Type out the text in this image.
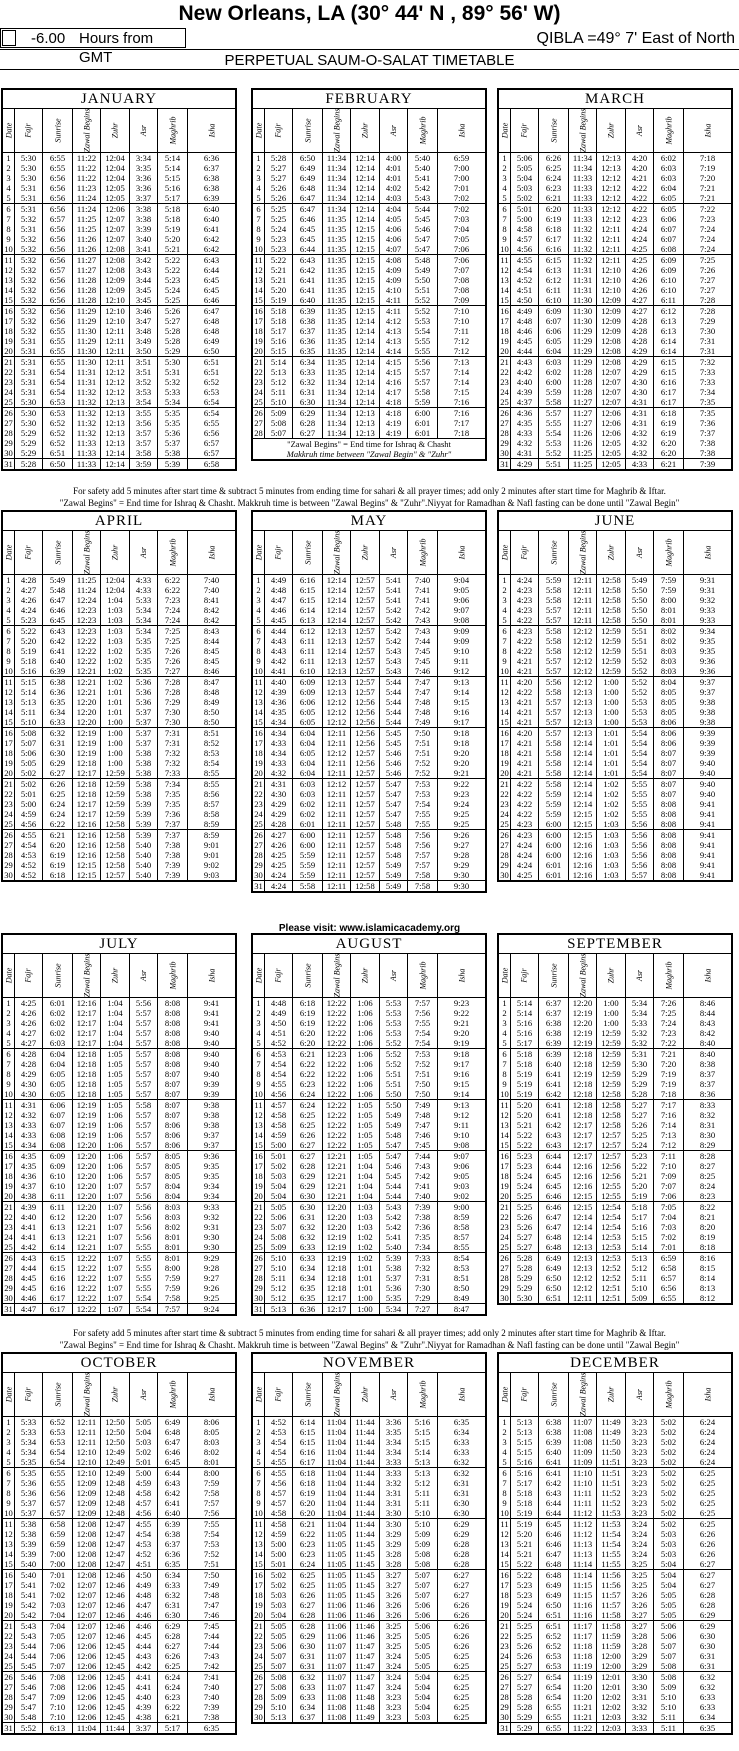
New Orleans, LA (30° 44' N , 89° 56' W)
-6.00 Hours from GMT
QIBLA =49° 7' East of North
PERPETUAL SAUM-O-SALAT TIMETABLE
JANUARY
Date Fajr	Sunrise	Zawal Begins Zuhr Asr	Maghrib	Isha
1	5:30	6:55	11:22	12:04	3:34	5:14	6:36
2	5:30	6:55	11:22	12:04	3:35	5:14	6:37
3	5:30	6:56	11:22	12:04	3:36	5:15	6:38
4	5:31	6:56	11:23	12:05	3:36	5:16	6:38
5	5:31	6:56	11:24	12:05	3:37	5:17	6:39
6	5:31	6:56	11:24	12:06	3:38	5:18	6:40
7	5:32	6:57	11:25	12:07	3:38	5:18	6:40
8	5:31	6:56	11:25	12:07	3:39	5:19	6:41
9	5:32	6:56	11:26	12:07	3:40	5:20	6:42
10 5:32	6:56	11:26	12:08	3:41	5:21	6:42
11 5:32	6:56	11:27	12:08	3:42	5:22	6:43
12 5:32	6:57	11:27	12:08	3:43	5:22	6:44
13 5:32	6:56	11:28	12:09	3:44	5:23	6:45
14 5:32	6:56	11:28	12:09	3:45	5:24	6:45
15 5:32	6:56	11:28	12:10	3:45	5:25	6:46
16 5:32	6:56	11:29	12:10	3:46	5:26	6:47
17 5:32	6:56	11:29	12:10	3:47	5:27	6:48
18 5:32	6:55	11:30	12:11	3:48	5:28	6:48
19 5:31	6:55	11:29	12:11	3:49	5:28	6:49
20 5:31	6:55	11:30	12:11	3:50	5:29	6:50
21 5:31	6:55	11:30	12:11	3:51	5:30	6:51
22 5:31	6:54	11:31	12:12	3:51	5:31	6:51
23 5:31	6:54	11:31	12:12	3:52	5:32	6:52
24 5:31	6:54	11:32	12:12	3:53	5:33	6:53
25 5:30	6:53	11:32	12:13	3:54	5:34	6:54
26 5:30	6:53	11:32	12:13	3:55	5:35	6:54
27 5:30	6:52	11:32	12:13	3:56	5:35	6:55
28 5:29	6:52	11:32	12:13	3:57	5:36	6:56
29 5:29	6:52	11:33	12:13	3:57	5:37	6:57
30 5:29	6:51	11:33	12:14	3:58	5:38	6:57
31 5:28	6:50	11:33	12:14	3:59	5:39	6:58
FEBRUARY
Date Fajr	Sunrise	Zawal Begins Zuhr Asr	Maghrib	Isha
1	5:28	6:50	11:34	12:14	4:00	5:40	6:59
2	5:27	6:49	11:34	12:14	4:01	5:40	7:00
3	5:27	6:49	11:34	12:14	4:01	5:41	7:00
4	5:26	6:48	11:34	12:14	4:02	5:42	7:01
5	5:26	6:47	11:34	12:14	4:03	5:43	7:02
6	5:25	6:47	11:34	12:14	4:04	5:44	7:02
7	5:25	6:46	11:35	12:14	4:05	5:45	7:03
8	5:24	6:45	11:35	12:15	4:06	5:46	7:04
9	5:23	6:45	11:35	12:15	4:06	5:47	7:05
10 5:23	6:44	11:35	12:15	4:07	5:47	7:06
11 5:22	6:43	11:35	12:15	4:08	5:48	7:06
12 5:21	6:42	11:35	12:15	4:09	5:49	7:07
13 5:21	6:41	11:35	12:15	4:09	5:50	7:08
14 5:20	6:41	11:35	12:15	4:10	5:51	7:08
15 5:19	6:40	11:35	12:15	4:11	5:52	7:09
16 5:18	6:39	11:35	12:15	4:11	5:52	7:10
17 5:18	6:38	11:35	12:14	4:12	5:53	7:10
18 5:17	6:37	11:35	12:14	4:13	5:54	7:11
19 5:16	6:36	11:35	12:14	4:13	5:55	7:12
20 5:15	6:35	11:35	12:14	4:14	5:55	7:12
21 5:14	6:34	11:35	12:14	4:15	5:56	7:13
22 5:13	6:33	11:35	12:14	4:15	5:57	7:14
23 5:12	6:32	11:34	12:14	4:16	5:57	7:14
24 5:11	6:31	11:34	12:14	4:17	5:58	7:15
25 5:10	6:30	11:34	12:14	4:18	5:59	7:16
26 5:09	6:29	11:34	12:13	4:18	6:00	7:16
27 5:08	6:28	11:34	12:13	4:19	6:01	7:17
28 5:07	6:27	11:34	12:13	4:19	6:01	7:18
"Zawal Begins" = End time for Ishraq & Chasht
Makkruh time between "Zawal Begin" & "Zuhr"
MARCH
Date Fajr	Sunrise	Zawal Begins Zuhr Asr	Maghrib	Isha
1	5:06	6:26	11:34	12:13	4:20	6:02	7:18
2	5:05	6:25	11:34	12:13	4:20	6:03	7:19
3	5:04	6:24	11:33	12:12	4:21	6:03	7:20
4	5:03	6:23	11:33	12:12	4:22	6:04	7:21
5	5:02	6:21	11:33	12:12	4:22	6:05	7:21
6	5:01	6:20	11:33	12:12	4:22	6:05	7:22
7	5:00	6:19	11:33	12:12	4:23	6:06	7:23
8	4:58	6:18	11:32	12:11	4:24	6:07	7:24
9	4:57	6:17	11:32	12:11	4:24	6:07	7:24
10 4:56	6:16	11:32	12:11	4:25	6:08	7:24
11 4:55	6:15	11:32	12:11	4:25	6:09	7:25
12 4:54	6:13	11:31	12:10	4:26	6:09	7:26
13 4:52	6:12	11:31	12:10	4:26	6:10	7:27
14 4:51	6:11	11:31	12:10	4:26	6:10	7:27
15 4:50	6:10	11:30	12:09	4:27	6:11	7:28
16 4:49	6:09	11:30	12:09	4:27	6:12	7:28
17 4:48	6:07	11:30	12:09	4:28	6:13	7:29
18 4:46	6:06	11:29	12:09	4:28	6:13	7:30
19 4:45	6:05	11:29	12:08	4:28	6:14	7:31
20 4:44	6:04	11:29	12:08	4:29	6:14	7:31
21 4:43	6:03	11:29	12:08	4:29	6:15	7:32
22 4:42	6:02	11:28	12:07	4:29	6:15	7:33
23 4:40	6:00	11:28	12:07	4:30	6:16	7:33
24 4:39	5:59	11:28	12:07	4:30	6:17	7:34
25 4:37	5:58	11:27	12:07	4:31	6:17	7:35
26 4:36	5:57	11:27	12:06	4:31	6:18	7:35
27 4:35	5:55	11:27	12:06	4:31	6:19	7:36
28 4:33	5:54	11:26	12:06	4:32	6:19	7:37
29 4:32	5:53	11:26	12:05	4:32	6:20	7:38
30 4:31	5:52	11:25	12:05	4:32	6:20	7:38
31 4:29	5:51	11:25	12:05	4:33	6:21	7:39
APRIL
Date Fajr	Sunrise	Zawal Begins Zuhr Asr	Maghrib	Isha
1	4:28	5:49	11:25	12:04	4:33	6:22	7:40
2	4:27	5:48	11:24	12:04	4:33	6:22	7:40
3	4:26	6:47	12:24	1:04	5:33	7:23	8:41
4	4:24	6:46	12:23	1:03	5:34	7:24	8:42
5	5:23	6:45	12:23	1:03	5:34	7:24	8:42
6	5:22	6:43	12:23	1:03	5:34	7:25	8:43
7	5:20	6:42	12:22	1:03	5:35	7:25	8:44
8	5:19	6:41	12:22	1:02	5:35	7:26	8:45
9	5:18	6:40	12:22	1:02	5:35	7:26	8:45
10 5:16	6:39	12:21	1:02	5:35	7:27	8:46
11 5:15	6:38	12:21	1:02	5:36	7:28	8:47
12 5:14	6:36	12:21	1:01	5:36	7:28	8:48
13 5:13	6:35	12:20	1:01	5:36	7:29	8:49
14 5:11	6:34	12:20	1:01	5:37	7:30	8:50
15 5:10	6:33	12:20	1:00	5:37	7:30	8:50
16 5:08	6:32	12:19	1:00	5:37	7:31	8:51
17 5:07	6:31	12:19	1:00	5:37	7:31	8:52
18 5:06	6:30	12:19	1:00	5:38	7:32	8:53
19 5:05	6:29	12:18	1:00	5:38	7:32	8:54
20 5:02	6:27	12:17	12:59	5:38	7:33	8:55
21 5:02	6:26	12:18	12:59	5:38	7:34	8:55
22 5:01	6:25	12:18	12:59	5:38	7:35	8:56
23 5:00	6:24	12:17	12:59	5:39	7:35	8:57
24 4:59	6:24	12:17	12:59	5:39	7:36	8:58
25 4:56	6:22	12:16	12:58	5:39	7:37	8:59
26 4:55	6:21	12:16	12:58	5:39	7:37	8:59
27 4:54	6:20	12:16	12:58	5:40	7:38	9:01
28 4:53	6:19	12:16	12:58	5:40	7:38	9:01
29 4:52	6:19	12:15	12:58	5:40	7:39	9:02
30 4:52	6:18	12:15	12:57	5:40	7:39	9:03
MAY
Date Fajr	Sunrise	Zawal Begins Zuhr Asr	Maghrib	Isha
1	4:49	6:16	12:14	12:57	5:41	7:40	9:04
2	4:48	6:15	12:14	12:57	5:41	7:41	9:05
3	4:47	6:15	12:14	12:57	5:41	7:41	9:06
4	4:46	6:14	12:14	12:57	5:42	7:42	9:07
5	4:45	6:13	12:14	12:57	5:42	7:43	9:08
6	4:44	6:12	12:13	12:57	5:42	7:43	9:09
7	4:43	6:11	12:13	12:57	5:42	7:44	9:09
8	4:43	6:11	12:14	12:57	5:43	7:45	9:10
9	4:42	6:11	12:13	12:57	5:43	7:45	9:11
10 4:41	6:10	12:13	12:57	5:43	7:46	9:12
11 4:40	6:09	12:13	12:57	5:44	7:47	9:13
12 4:39	6:09	12:13	12:57	5:44	7:47	9:14
13 4:36	6:06	12:12	12:56	5:44	7:48	9:15
14 4:35	6:05	12:12	12:56	5:44	7:48	9:16
15 4:34	6:05	12:12	12:56	5:44	7:49	9:17
16 4:34	6:04	12:11	12:56	5:45	7:50	9:18
17 4:33	6:04	12:11	12:56	5:45	7:51	9:18
18 4:34	6:05	12:12	12:57	5:46	7:51	9:20
19 4:33	6:04	12:11	12:56	5:46	7:52	9:20
20 4:32	6:04	12:11	12:57	5:46	7:52	9:21
21 4:31	6:03	12:12	12:57	5:47	7:53	9:22
22 4:30	6:03	12:11	12:57	5:47	7:53	9:23
23 4:29	6:02	12:11	12:57	5:47	7:54	9:24
24 4:29	6:02	12:11	12:57	5:47	7:55	9:25
25 4:28	6:01	12:11	12:57	5:48	7:55	9:25
26 4:27	6:00	12:11	12:57	5:48	7:56	9:26
27 4:26	6:00	12:11	12:57	5:48	7:56	9:27
28 4:25	5:59	12:11	12:57	5:48	7:57	9:28
29 4:25	5:59	12:11	12:57	5:49	7:57	9:29
30 4:24	5:59	12:11	12:57	5:49	7:58	9:30
31 4:24	5:58	12:11	12:58	5:49	7:58	9:30
JUNE
Date Fajr	Sunrise	Zawal Begins Zuhr Asr	Maghrib	Isha
1	4:24	5:59	12:11	12:58	5:49	7:59	9:31
2	4:23	5:58	12:11	12:58	5:50	7:59	9:31
3	4:23	5:58	12:11	12:58	5:50	8:00	9:32
4	4:23	5:57	12:11	12:58	5:50	8:01	9:33
5	4:22	5:57	12:11	12:58	5:50	8:01	9:33
6	4:23	5:58	12:12	12:59	5:51	8:02	9:34
7	4:22	5:58	12:12	12:59	5:51	8:02	9:35
8	4:22	5:58	12:12	12:59	5:51	8:03	9:35
9	4:21	5:57	12:12	12:59	5:52	8:03	9:36
10 4:21	5:57	12:12	12:59	5:52	8:03	9:36
11 4:20	5:56	12:12	1:00	5:52	8:04	9:37
12 4:22	5:58	12:13	1:00	5:52	8:05	9:37
13 4:21	5:57	12:13	1:00	5:53	8:05	9:38
14 4:21	5:57	12:13	1:00	5:53	8:05	9:38
15 4:21	5:57	12:13	1:00	5:53	8:06	9:38
16 4:20	5:57	12:13	1:01	5:54	8:06	9:39
17 4:21	5:58	12:14	1:01	5:54	8:06	9:39
18 4:21	5:58	12:14	1:01	5:54	8:07	9:39
19 4:21	5:58	12:14	1:01	5:54	8:07	9:40
20 4:21	5:58	12:14	1:01	5:54	8:07	9:40
21 4:22	5:58	12:14	1:02	5:55	8:07	9:40
22 4:22	5:59	12:14	1:02	5:55	8:07	9:40
23 4:22	5:59	12:14	1:02	5:55	8:08	9:41
24 4:22	5:59	12:15	1:02	5:55	8:08	9:41
25 4:23	6:00	12:15	1:03	5:56	8:08	9:41
26 4:23	6:00	12:15	1:03	5:56	8:08	9:41
27 4:24	6:00	12:16	1:03	5:56	8:08	9:41
28 4:24	6:00	12:16	1:03	5:56	8:08	9:41
29 4:24	6:01	12:16	1:03	5:56	8:08	9:41
30 4:25	6:01	12:16	1:03	5:57	8:08	9:41
JULY
Date Fajr	Sunrise	Zawal Begins Zuhr Asr	Maghrib	Isha
1	4:25	6:01	12:16	1:04	5:56	8:08	9:41
2	4:26	6:02	12:17	1:04	5:57	8:08	9:41
3	4:26	6:02	12:17	1:04	5:57	8:08	9:41
4	4:27	6:02	12:17	1:04	5:57	8:08	9:40
5	4:27	6:03	12:17	1:04	5:57	8:08	9:40
6	4:28	6:04	12:18	1:05	5:57	8:08	9:40
7	4:28	6:04	12:18	1:05	5:57	8:08	9:40
8	4:29	6:05	12:18	1:05	5:57	8:07	9:40
9	4:30	6:05	12:18	1:05	5:57	8:07	9:39
10 4:30	6:05	12:18	1:05	5:57	8:07	9:39
11 4:31	6:06	12:19	1:05	5:58	8:07	9:38
12 4:32	6:07	12:19	1:06	5:57	8:07	9:38
13 4:33	6:07	12:19	1:06	5:57	8:06	9:38
14 4:33	6:08	12:19	1:06	5:57	8:06	9:37
15 4:34	6:08	12:20	1:06	5:57	8:06	9:37
16 4:35	6:09	12:20	1:06	5:57	8:05	9:36
17 4:35	6:09	12:20	1:06	5:57	8:05	9:35
18 4:36	6:10	12:20	1:06	5:57	8:05	9:35
19 4:37	6:10	12:20	1:07	5:57	8:04	9:34
20 4:38	6:11	12:20	1:07	5:56	8:04	9:34
21 4:39	6:11	12:20	1:07	5:56	8:03	9:33
22 4:40	6:12	12:20	1:07	5:56	8:03	9:32
23 4:41	6:13	12:21	1:07	5:56	8:02	9:31
24 4:41	6:13	12:21	1:07	5:56	8:01	9:30
25 4:42	6:14	12:21	1:07	5:55	8:01	9:30
26 4:43	6:15	12:22	1:07	5:55	8:01	9:29
27 4:44	6:15	12:22	1:07	5:55	8:00	9:28
28 4:45	6:16	12:22	1:07	5:55	7:59	9:27
29 4:45	6:16	12:22	1:07	5:55	7:59	9:26
30 4:46	6:17	12:22	1:07	5:54	7:58	9:25
31 4:47	6:17	12:22	1:07	5:54	7:57	9:24
AUGUST
Date Fajr	Sunrise	Zawal Begins Zuhr Asr	Maghrib	Isha
1	4:48	6:18	12:22	1:06	5:53	7:57	9:23
2	4:49	6:19	12:22	1:06	5:53	7:56	9:22
3	4:50	6:19	12:22	1:06	5:53	7:55	9:21
4	4:51	6:20	12:22	1:06	5:53	7:54	9:20
5	4:52	6:20	12:22	1:06	5:52	7:54	9:19
6	4:53	6:21	12:23	1:06	5:52	7:53	9:18
7	4:54	6:22	12:22	1:06	5:52	7:52	9:17
8	4:54	6:22	12:22	1:06	5:51	7:51	9:16
9	4:55	6:23	12:22	1:06	5:51	7:50	9:15
10 4:56	6:24	12:22	1:06	5:50	7:50	9:14
11 4:57	6:24	12:22	1:05	5:50	7:49	9:13
12 4:58	6:25	12:22	1:05	5:49	7:48	9:12
13 4:58	6:25	12:22	1:05	5:49	7:47	9:11
14 4:59	6:26	12:22	1:05	5:48	7:46	9:10
15 5:00	6:27	12:22	1:05	5:47	7:45	9:08
16 5:01	6:27	12:21	1:05	5:47	7:44	9:07
17 5:02	6:28	12:21	1:04	5:46	7:43	9:06
18 5:03	6:29	12:21	1:04	5:45	7:42	9:05
19 5:04	6:29	12:21	1:04	5:44	7:41	9:03
20 5:04	6:30	12:21	1:04	5:44	7:40	9:02
21 5:05	6:30	12:20	1:03	5:43	7:39	9:00
22 5:06	6:31	12:20	1:03	5:42	7:38	8:59
23 5:07	6:32	12:20	1:03	5:42	7:36	8:58
24 5:08	6:32	12:19	1:02	5:41	7:35	8:57
25 5:09	6:33	12:19	1:02	5:40	7:34	8:55
26 5:10	6:33	12:19	1:02	5:39	7:33	8:54
27 5:10	6:34	12:18	1:01	5:38	7:32	8:53
28 5:11	6:34	12:18	1:01	5:37	7:31	8:51
29 5:12	6:35	12:18	1:01	5:36	7:30	8:50
30 5:12	6:35	12:17	1:00	5:35	7:29	8:49
31 5:13	6:36	12:17	1:00	5:34	7:27	8:47
SEPTEMBER
Date Fajr	Sunrise	Zawal Begins Zuhr Asr	Maghrib	Isha
1	5:14	6:37	12:20	1:00	5:34	7:26	8:46
2	5:14	6:37	12:19	1:00	5:34	7:25	8:44
3	5:16	6:38	12:20	1:00	5:33	7:24	8:43
4	5:16	6:38	12:19	12:59	5:32	7:23	8:42
5	5:17	6:39	12:19	12:59	5:32	7:22	8:40
6	5:18	6:39	12:18	12:59	5:31	7:21	8:40
7	5:18	6:40	12:18	12:59	5:30	7:20	8:38
8	5:19	6:41	12:19	12:59	5:29	7:19	8:37
9	5:19	6:41	12:18	12:59	5:29	7:19	8:37
10 5:19	6:42	12:18	12:58	5:28	7:18	8:36
11 5:20	6:41	12:18	12:58	5:27	7:17	8:33
12 5:20	6:41	12:18	12:58	5:27	7:16	8:32
13 5:21	6:42	12:17	12:58	5:26	7:14	8:31
14 5:22	6:43	12:17	12:57	5:25	7:13	8:30
15 5:22	6:43	12:17	12:57	5:24	7:12	8:29
16 5:23	6:44	12:17	12:57	5:23	7:11	8:28
17 5:23	6:44	12:16	12:56	5:22	7:10	8:27
18 5:24	6:45	12:16	12:56	5:21	7:09	8:25
19 5:24	6:45	12:16	12:55	5:20	7:07	8:24
20 5:25	6:46	12:15	12:55	5:19	7:06	8:23
21 5:25	6:46	12:15	12:54	5:18	7:05	8:22
22 5:26	6:47	12:14	12:54	5:17	7:04	8:21
23 5:26	6:47	12:14	12:54	5:16	7:03	8:20
24 5:27	6:48	12:14	12:53	5:15	7:02	8:19
25 5:27	6:48	12:13	12:53	5:14	7:01	8:18
26 5:28	6:49	12:13	12:53	5:13	6:59	8:16
27 5:28	6:49	12:13	12:52	5:12	6:58	8:15
28 5:29	6:50	12:12	12:52	5:11	6:57	8:14
29 5:29	6:50	12:12	12:51	5:10	6:56	8:13
30 5:30	6:51	12:11	12:51	5:09	6:55	8:12
OCTOBER
Date Fajr	Sunrise	Zawal Begins Zuhr Asr	Maghrib	Isha
1	5:33	6:52	12:11	12:50	5:05	6:49	8:06
2	5:33	6:53	12:11	12:50	5:04	6:48	8:05
3	5:34	6:53	12:11	12:50	5:03	6:47	8:03
4	5:34	6:54	12:10	12:49	5:02	6:46	8:02
5	5:35	6:54	12:10	12:49	5:01	6:45	8:01
6	5:35	6:55	12:10	12:49	5:00	6:44	8:00
7	5:36	6:55	12:09	12:48	4:59	6:43	7:59
8	5:36	6:56	12:09	12:48	4:58	6:42	7:58
9	5:37	6:57	12:09	12:48	4:57	6:41	7:57
10 5:37	6:57	12:09	12:48	4:56	6:40	7:56
11 5:38	6:58	12:08	12:47	4:55	6:39	7:55
12 5:38	6:59	12:08	12:47	4:54	6:38	7:54
13 5:39	6:59	12:08	12:47	4:53	6:37	7:53
14 5:39	7:00	12:08	12:47	4:52	6:36	7:52
15 5:40	7:00	12:08	12:47	4:51	6:35	7:51
16 5:40	7:01	12:08	12:46	4:50	6:34	7:50
17 5:41	7:02	12:07	12:46	4:49	6:33	7:49
18 5:41	7:02	12:07	12:46	4:48	6:32	7:48
19 5:42	7:03	12:07	12:46	4:47	6:31	7:47
20 5:42	7:04	12:07	12:46	4:46	6:30	7:46
21 5:43	7:04	12:07	12:46	4:46	6:29	7:45
22 5:43	7:05	12:07	12:46	4:45	6:28	7:44
23 5:44	7:06	12:06	12:45	4:44	6:27	7:44
24 5:44	7:06	12:06	12:45	4:43	6:26	7:43
25 5:45	7:07	12:06	12:45	4:42	6:25	7:42
26 5:46	7:08	12:06	12:45	4:41	6:24	7:41
27 5:46	7:08	12:06	12:45	4:41	6:24	7:40
28 5:47	7:09	12:06	12:45	4:40	6:23	7:40
29 5:47	7:10	12:06	12:45	4:39	6:22	7:39
30 5:48	7:10	12:06	12:45	4:38	6:21	7:38
31 5:52	6:13	11:04	11:44	3:37	5:17	6:35
NOVEMBER
Date Fajr	Sunrise	Zawal Begins Zuhr Asr	Maghrib	Isha
1	4:52	6:14	11:04	11:44	3:36	5:16	6:35
2	4:53	6:15	11:04	11:44	3:35	5:15	6:34
3	4:54	6:15	11:04	11:44	3:34	5:15	6:33
4	4:54	6:16	11:04	11:44	3:34	5:14	6:33
5	4:55	6:17	11:04	11:44	3:33	5:13	6:32
6	4:55	6:18	11:04	11:44	3:33	5:13	6:32
7	4:56	6:18	11:04	11:44	3:32	5:12	6:31
8	4:57	6:19	11:04	11:44	3:31	5:11	6:31
9	4:57	6:20	11:04	11:44	3:31	5:11	6:30
10 4:58	6:20	11:04	11:44	3:30	5:10	6:30
11 4:58	6:21	11:04	11:44	3:30	5:10	6:29
12 4:59	6:22	11:05	11:44	3:29	5:09	6:29
13 5:00	6:23	11:05	11:45	3:29	5:09	6:28
14 5:00	6:23	11:05	11:45	3:28	5:08	6:28
15 5:01	6:24	11:05	11:45	3:28	5:08	6:28
16 5:02	6:25	11:05	11:45	3:27	5:07	6:27
17 5:02	6:25	11:05	11:45	3:27	5:07	6:27
18 5:03	6:26	11:05	11:45	3:26	5:07	6:27
19 5:03	6:27	11:06	11:46	3:26	5:06	6:26
20 5:04	6:28	11:06	11:46	3:26	5:06	6:26
21 5:05	6:28	11:06	11:46	3:25	5:06	6:26
22 5:05	6:29	11:06	11:46	3:25	5:05	6:26
23 5:06	6:30	11:07	11:47	3:25	5:05	6:26
24 5:07	6:31	11:07	11:47	3:24	5:05	6:25
25 5:07	6:31	11:07	11:47	3:24	5:05	6:25
26 5:08	6:32	11:07	11:47	3:24	5:04	6:25
27 5:08	6:33	11:07	11:47	3:24	5:04	6:25
28 5:09	6:33	11:08	11:48	3:23	5:04	6:25
29 5:10	6:34	11:08	11:48	3:23	5:04	6:25
30 5:13	6:37	11:08	11:49	3:23	5:03	6:25
DECEMBER
Date Fajr	Sunrise	Zawal Begins Zuhr Asr	Maghrib	Isha
1	5:13	6:38	11:07	11:49	3:23	5:02	6:24
2	5:13	6:38	11:08	11:49	3:23	5:02	6:24
3	5:15	6:39	11:08	11:50	3:23	5:02	6:24
4	5:15	6:40	11:09	11:50	3:23	5:02	6:24
5	5:16	6:41	11:09	11:51	3:23	5:02	6:24
6	5:16	6:41	11:10	11:51	3:23	5:02	6:25
7	5:17	6:42	11:10	11:51	3:23	5:02	6:25
8	5:18	6:43	11:11	11:52	3:23	5:02	6:25
9	5:18	6:44	11:11	11:52	3:23	5:02	6:25
10 5:19	6:44	11:12	11:53	3:23	5:02	6:25
11 5:19	6:45	11:12	11:53	3:24	5:02	6:25
12 5:20	6:46	11:12	11:54	3:24	5:03	6:26
13 5:21	6:46	11:13	11:54	3:24	5:03	6:26
14 5:21	6:47	11:13	11:55	3:24	5:03	6:26
15 5:22	6:48	11:14	11:55	3:25	5:04	6:27
16 5:22	6:48	11:14	11:56	3:25	5:04	6:27
17 5:23	6:49	11:15	11:56	3:25	5:04	6:27
18 5:23	6:49	11:15	11:57	3:26	5:05	6:28
19 5:24	6:50	11:16	11:57	3:26	5:05	6:28
20 5:24	6:51	11:16	11:58	3:27	5:05	6:29
21 5:25	6:51	11:17	11:58	3:27	5:06	6:29
22 5:25	6:52	11:17	11:59	3:28	5:06	6:30
23 5:26	6:52	11:18	11:59	3:28	5:07	6:30
24 5:26	6:53	11:18	12:00	3:29	5:07	6:31
25 5:27	6:53	11:19	12:00	3:29	5:08	6:31
26 5:27	6:54	11:19	12:01	3:30	5:08	6:32
27 5:27	6:54	11:20	12:01	3:30	5:09	6:32
28 5:28	6:54	11:20	12:02	3:31	5:10	6:33
29 5:28	6:55	11:21	12:02	3:32	5:10	6:33
30 5:29	6:55	11:21	12:03	3:32	5:11	6:34
31 5:29	6:55	11:22	12:03	3:33	5:11	6:35
For safety add 5 minutes after start time & subtract 5 minutes from ending time for sahari & all prayer times; add only 2 minutes after start time for Maghrib & Iftar.
"Zawal Begins" = End time for Ishraq & Chasht. Makkruh time is between "Zawal Begins" & "Zuhr".Niyyat for Ramadhan & Nafl fasting can be done until "Zawal Begin"
Please visit: www.islamicacademy.org
For safety add 5 minutes after start time & subtract 5 minutes from ending time for sahari & all prayer times; add only 2 minutes after start time for Maghrib & Iftar.
"Zawal Begins" = End time for Ishraq & Chasht. Makkruh time is between "Zawal Begins" & "Zuhr".Niyyat for Ramadhan & Nafl fasting can be done until "Zawal Begin"
